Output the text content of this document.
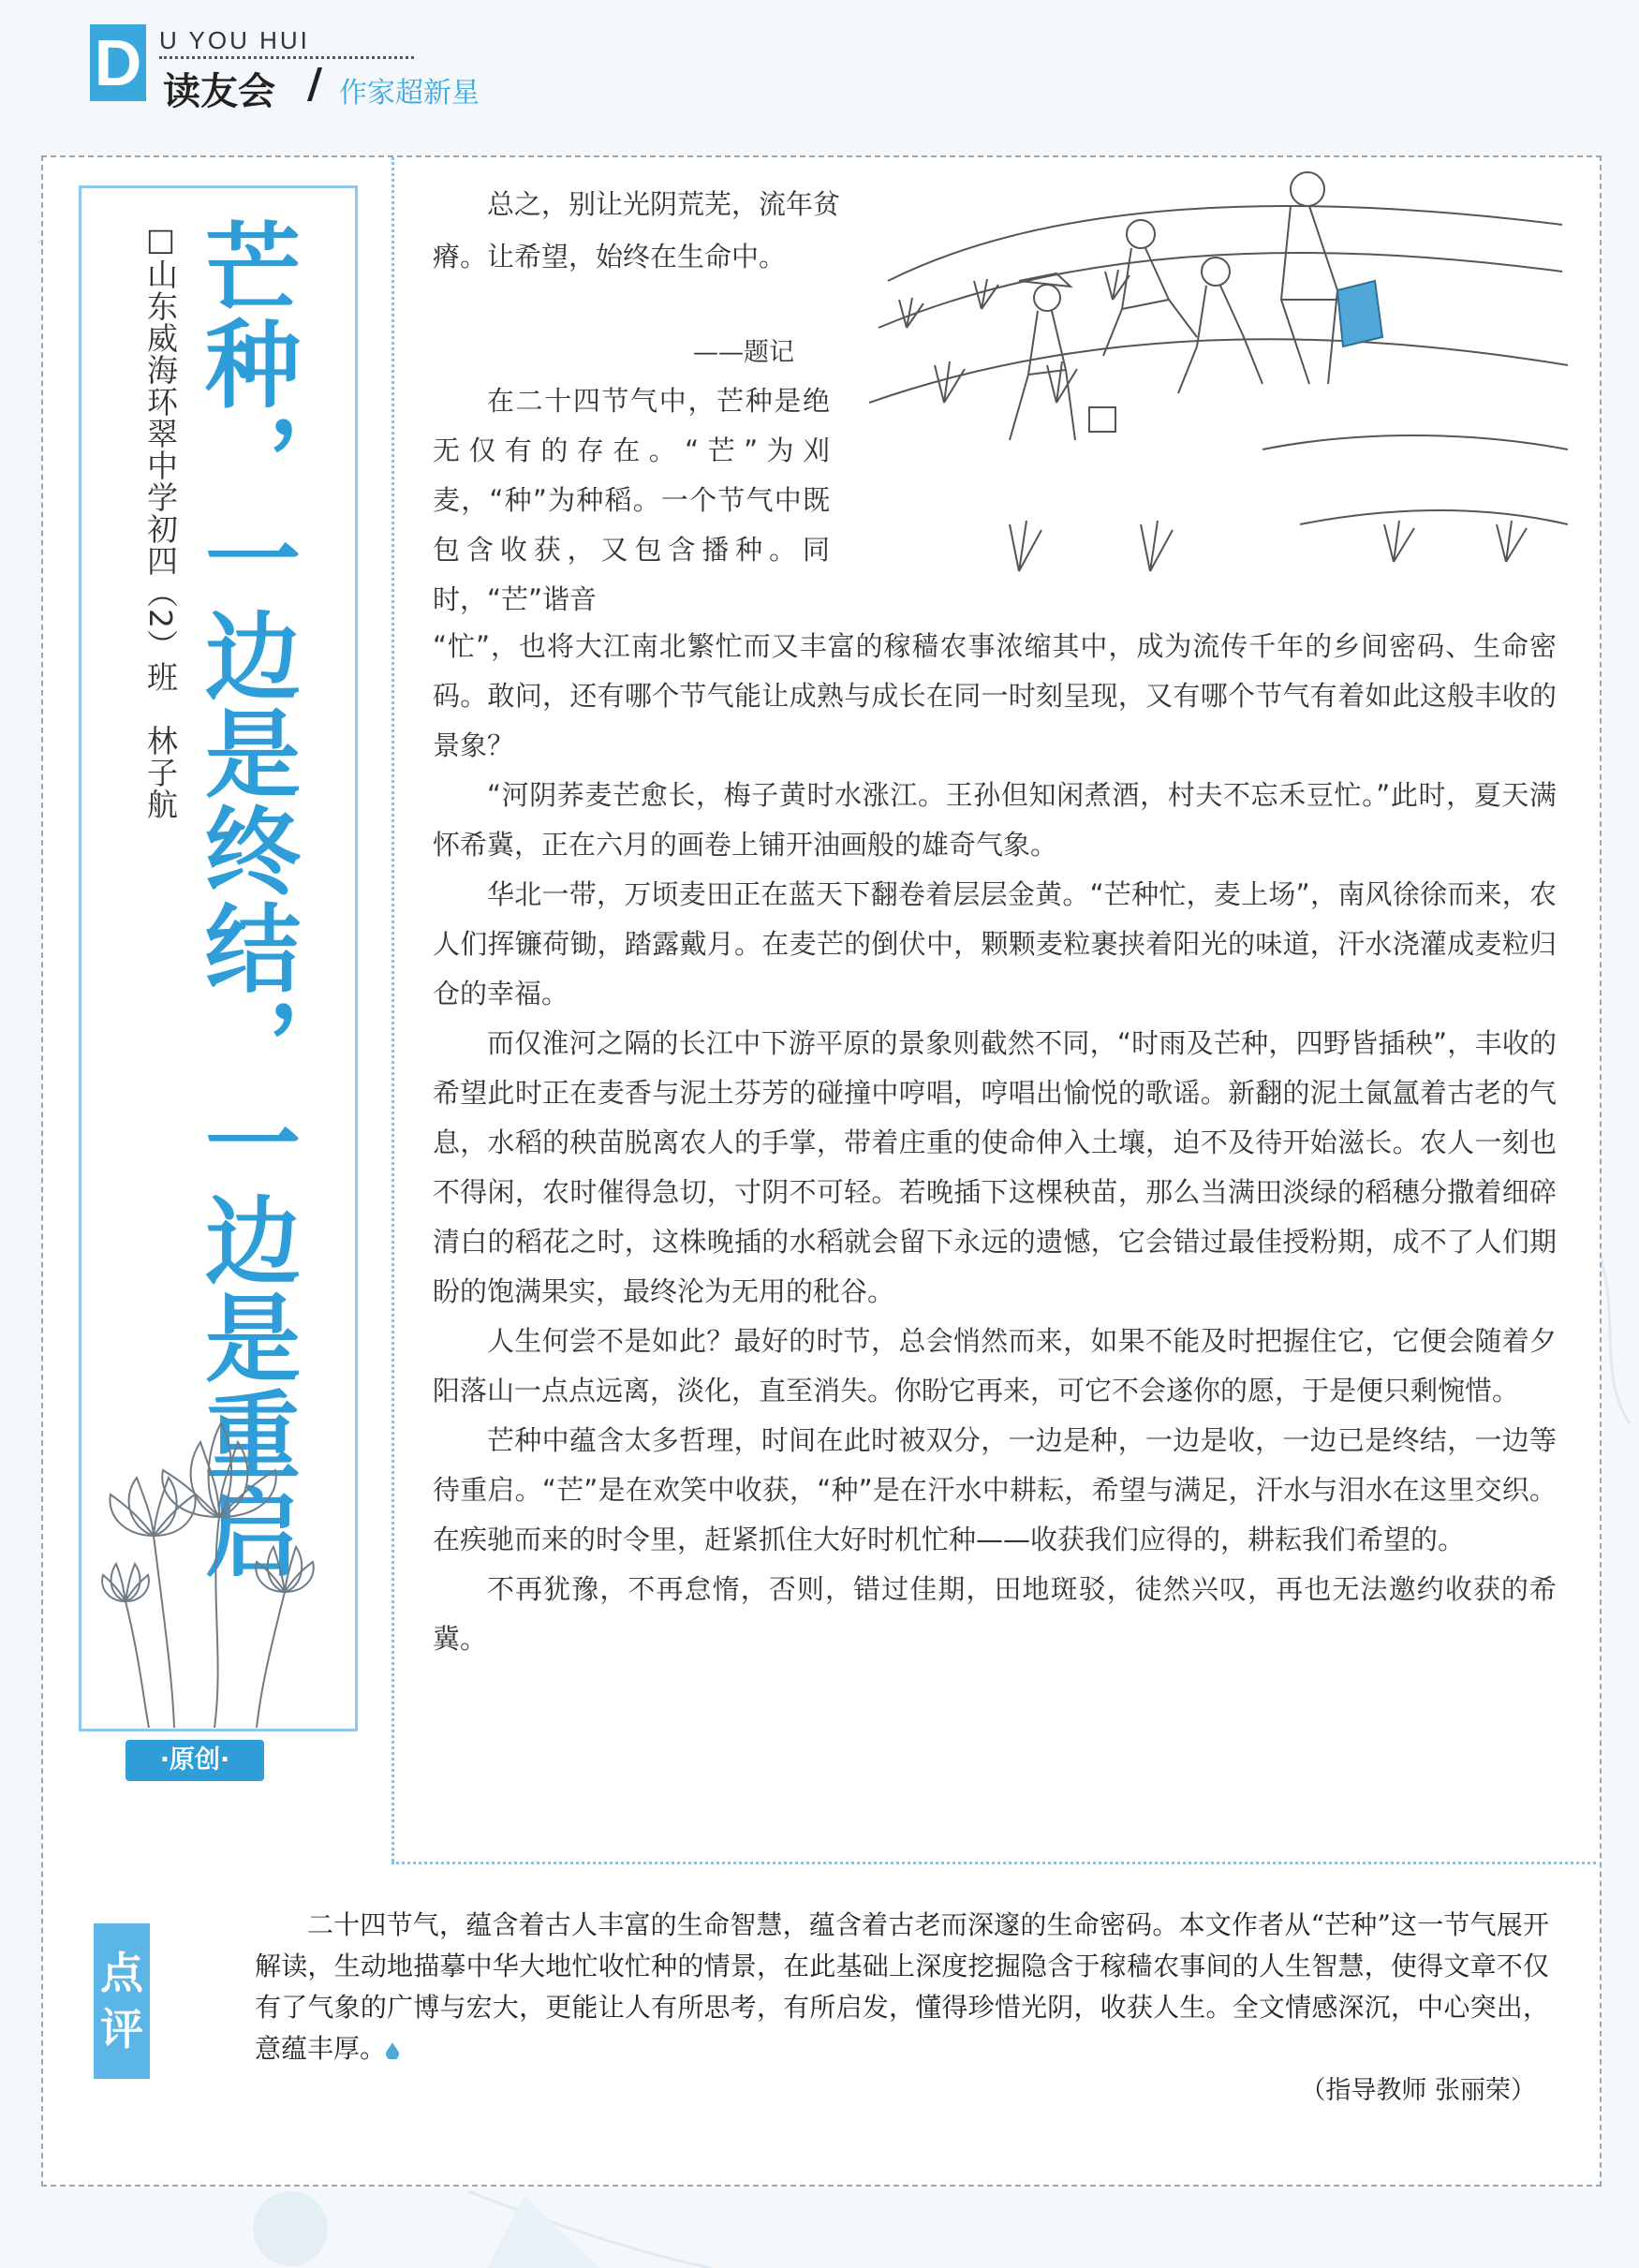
D U YOU HUI
读友会 / 作家超新星
芒种，一边是终结，一边是重启
□山东威海环翠中学初四（2）班　林子航
·原创·
总之，别让光阴荒芜，流年贫瘠。让希望，始终在生命中。
——题记

在二十四节气中，芒种是绝无仅有的存在。“芒”为刈麦，“种”为种稻。一个节气中既包含收获，又包含播种。同时，“芒”谐音

“忙”，也将大江南北繁忙而又丰富的稼穑农事浓缩其中，成为流传千年的乡间密码、生命密码。敢问，还有哪个节气能让成熟与成长在同一时刻呈现，又有哪个节气有着如此这般丰收的景象？

“河阴荞麦芒愈长，梅子黄时水涨江。王孙但知闲煮酒，村夫不忘禾豆忙。”此时，夏天满怀希冀，正在六月的画卷上铺开油画般的雄奇气象。

华北一带，万顷麦田正在蓝天下翻卷着层层金黄。“芒种忙，麦上场”，南风徐徐而来，农人们挥镰荷锄，踏露戴月。在麦芒的倒伏中，颗颗麦粒裹挟着阳光的味道，汗水浇灌成麦粒归仓的幸福。

而仅淮河之隔的长江中下游平原的景象则截然不同，“时雨及芒种，四野皆插秧”，丰收的希望此时正在麦香与泥土芬芳的碰撞中哼唱，哼唱出愉悦的歌谣。新翻的泥土氤氲着古老的气息，水稻的秧苗脱离农人的手掌，带着庄重的使命伸入土壤，迫不及待开始滋长。农人一刻也不得闲，农时催得急切，寸阴不可轻。若晚插下这棵秧苗，那么当满田淡绿的稻穗分撒着细碎清白的稻花之时，这株晚插的水稻就会留下永远的遗憾，它会错过最佳授粉期，成不了人们期盼的饱满果实，最终沦为无用的秕谷。

人生何尝不是如此？最好的时节，总会悄然而来，如果不能及时把握住它，它便会随着夕阳落山一点点远离，淡化，直至消失。你盼它再来，可它不会遂你的愿，于是便只剩惋惜。

芒种中蕴含太多哲理，时间在此时被双分，一边是种，一边是收，一边已是终结，一边等待重启。“芒”是在欢笑中收获，“种”是在汗水中耕耘，希望与满足，汗水与泪水在这里交织。在疾驰而来的时令里，赶紧抓住大好时机忙种——收获我们应得的，耕耘我们希望的。

不再犹豫，不再怠惰，否则，错过佳期，田地斑驳，徒然兴叹，再也无法邀约收获的希冀。

点
评

二十四节气，蕴含着古人丰富的生命智慧，蕴含着古老而深邃的生命密码。本文作者从“芒种”这一节气展开解读，生动地描摹中华大地忙收忙种的情景，在此基础上深度挖掘隐含于稼穑农事间的人生智慧，使得文章不仅有了气象的广博与宏大，更能让人有所思考，有所启发，懂得珍惜光阴，收获人生。全文情感深沉，中心突出，意蕴丰厚。

（指导教师 张丽荣）
